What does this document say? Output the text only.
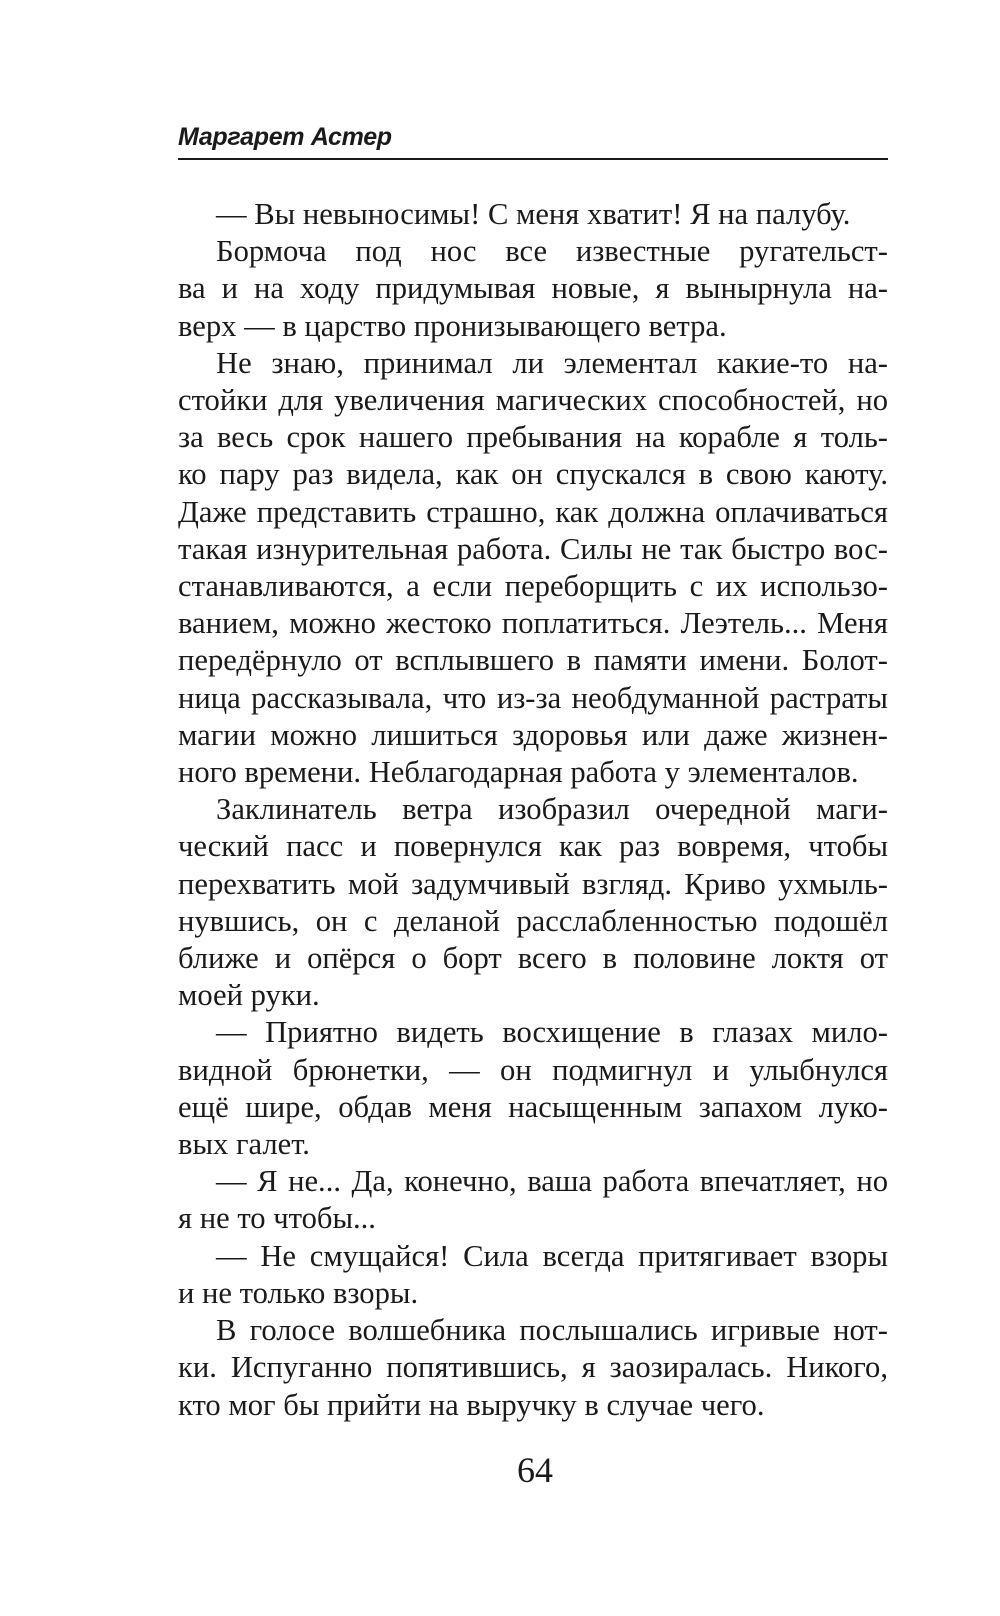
Маргарет Астер
— Вы невыносимы! С меня хватит! Я на палубу.
Бормоча под нос все известные ругательст-
ва и на ходу придумывая новые, я вынырнула на-
верх — в царство пронизывающего ветра.
Не знаю, принимал ли элементал какие-то на-
стойки для увеличения магических способностей, но
за весь срок нашего пребывания на корабле я толь-
ко пару раз видела, как он спускался в свою каюту.
Даже представить страшно, как должна оплачиваться
такая изнурительная работа. Силы не так быстро вос-
станавливаются, а если переборщить с их использо-
ванием, можно жестоко поплатиться. Леэтель... Меня
передёрнуло от всплывшего в памяти имени. Болот-
ница рассказывала, что из-за необдуманной растраты
магии можно лишиться здоровья или даже жизнен-
ного времени. Неблагодарная работа у элементалов.
Заклинатель ветра изобразил очередной маги-
ческий пасс и повернулся как раз вовремя, чтобы
перехватить мой задумчивый взгляд. Криво ухмыль-
нувшись, он с деланой расслабленностью подошёл
ближе и опёрся о борт всего в половине локтя от
моей руки.
— Приятно видеть восхищение в глазах мило-
видной брюнетки, — он подмигнул и улыбнулся
ещё шире, обдав меня насыщенным запахом луко-
вых галет.
— Я не... Да, конечно, ваша работа впечатляет, но
я не то чтобы...
— Не смущайся! Сила всегда притягивает взоры
и не только взоры.
В голосе волшебника послышались игривые нот-
ки. Испуганно попятившись, я заозиралась. Никого,
кто мог бы прийти на выручку в случае чего.
64
